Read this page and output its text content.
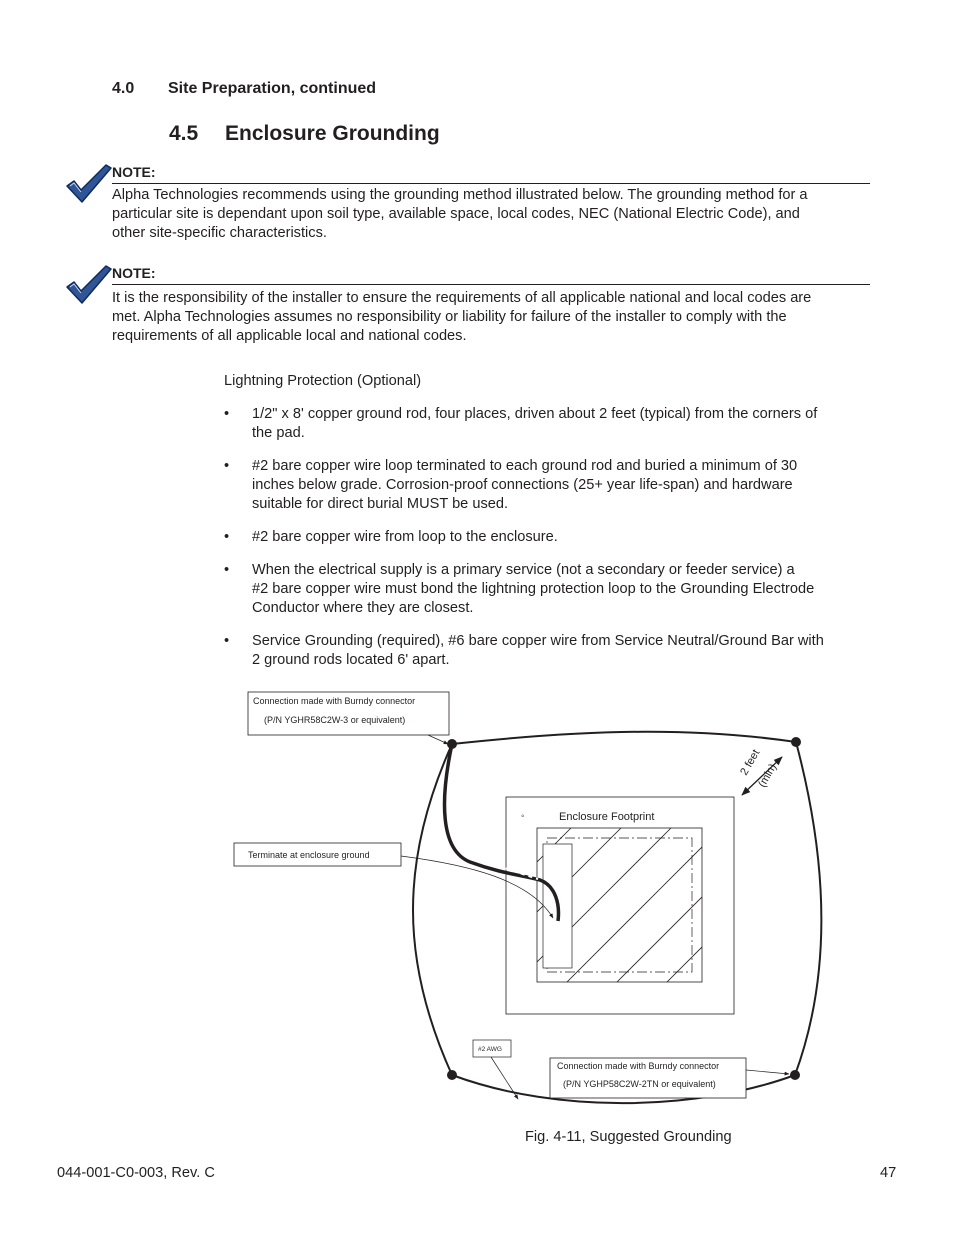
4.0 Site Preparation, continued
4.5 Enclosure Grounding
NOTE:
Alpha Technologies recommends using the grounding method illustrated below. The grounding method for a
particular site is dependant upon soil type, available space, local codes, NEC (National Electric Code), and
other site-specific characteristics.
NOTE:
It is the responsibility of the installer to ensure the requirements of all applicable national and local codes are
met. Alpha Technologies assumes no responsibility or liability for failure of the installer to comply with the
requirements of all applicable local and national codes.
Lightning Protection (Optional)
• 1/2" x 8' copper ground rod, four places, driven about 2 feet (typical) from the corners of
the pad.
• #2 bare copper wire loop terminated to each ground rod and buried a minimum of 30
inches below grade. Corrosion-proof connections (25+ year life-span) and hardware
suitable for direct burial MUST be used.
• #2 bare copper wire from loop to the enclosure.
• When the electrical supply is a primary service (not a secondary or feeder service) a
#2 bare copper wire must bond the lightning protection loop to the Grounding Electrode
Conductor where they are closest.
• Service Grounding (required), #6 bare copper wire from Service Neutral/Ground Bar with
2 ground rods located 6' apart.
2 feet
(min)
◦	Enclosure Footprint
Connection made with Burndy connector
(P/N YGHR58C2W-3 or equivalent)
Terminate at enclosure ground
#2 AWG
Connection made with Burndy connector
(P/N YGHP58C2W-2TN or equivalent)
Fig. 4-11, Suggested Grounding
044-001-C0-003, Rev. C	47
